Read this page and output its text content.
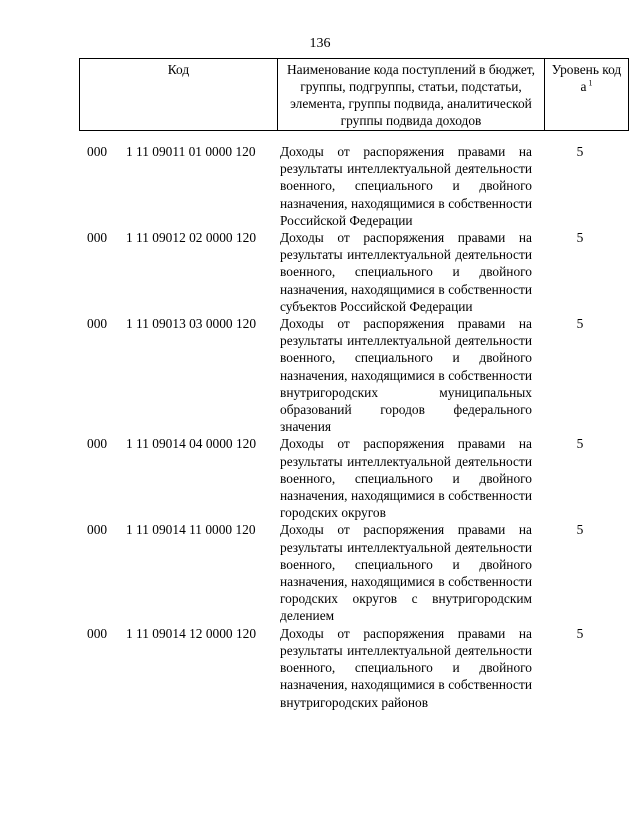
136
Код	Наименование кода поступлений в бюджет, группы, подгруппы, статьи, подстатьи, элемента, группы подвида, аналитической группы подвида доходов	Уровень код
а $^1$
000	1 11 09011 01 0000 120	Доходы от распоряжения правами на результаты интеллектуальной деятельности военного, специального и двойного назначения, находящимися в собственности Российской Федерации
5
000	1 11 09012 02 0000 120	Доходы от распоряжения правами на результаты интеллектуальной деятельности военного, специального и двойного назначения, находящимися в собственности субъектов Российской Федерации
5
000	1 11 09013 03 0000 120	Доходы от распоряжения правами на результаты интеллектуальной деятельности военного, специального и двойного назначения, находящимися в собственности внутригородских муниципальных образований городов федерального значения
5
000	1 11 09014 04 0000 120	Доходы от распоряжения правами на результаты интеллектуальной деятельности военного, специального и двойного назначения, находящимися в собственности городских округов
5
000	1 11 09014 11 0000 120	Доходы от распоряжения правами на результаты интеллектуальной деятельности военного, специального и двойного назначения, находящимися в собственности городских округов с внутригородским делением
5
000	1 11 09014 12 0000 120	Доходы от распоряжения правами на результаты интеллектуальной деятельности военного, специального и двойного назначения, находящимися в собственности внутригородских районов
5
